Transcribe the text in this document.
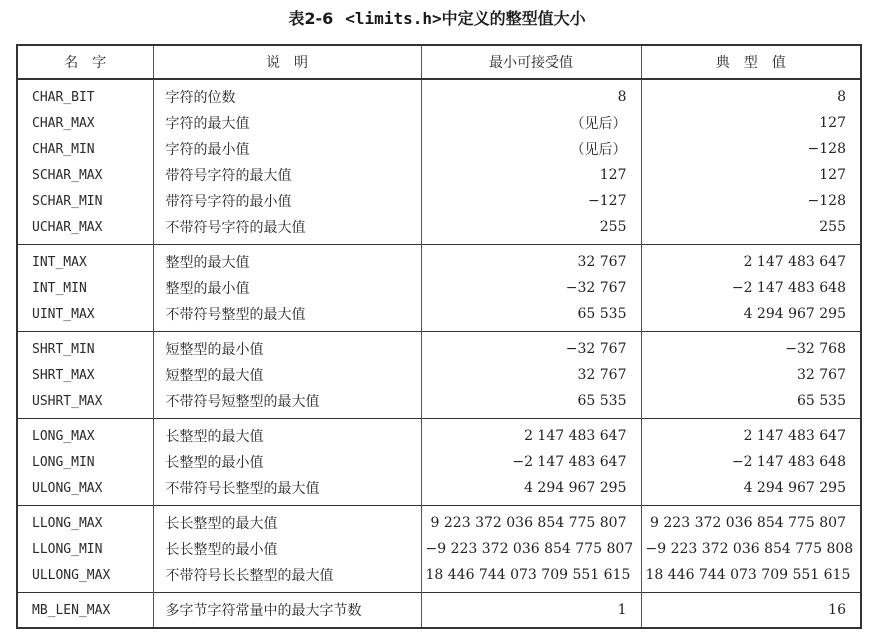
表2-6 <limits.h>中定义的整型值大小
名　字	说　明	最小可接受值	典　型　值
CHAR_BIT	字符的位数	8	8
CHAR_MAX	字符的最大值	（见后）	127
CHAR_MIN	字符的最小值	（见后）	−128
SCHAR_MAX	带符号字符的最大值	127	127
SCHAR_MIN	带符号字符的最小值	−127	−128
UCHAR_MAX	不带符号字符的最大值	255	255
INT_MAX	整型的最大值	32 767	2 147 483 647
INT_MIN	整型的最小值	−32 767	−2 147 483 648
UINT_MAX	不带符号整型的最大值	65 535	4 294 967 295
SHRT_MIN	短整型的最小值	−32 767	−32 768
SHRT_MAX	短整型的最大值	32 767	32 767
USHRT_MAX	不带符号短整型的最大值	65 535	65 535
LONG_MAX	长整型的最大值	2 147 483 647	2 147 483 647
LONG_MIN	长整型的最小值	−2 147 483 647	−2 147 483 648
ULONG_MAX	不带符号长整型的最大值	4 294 967 295	4 294 967 295
LLONG_MAX	长长整型的最大值	9 223 372 036 854 775 807	9 223 372 036 854 775 807
LLONG_MIN	长长整型的最小值	−9 223 372 036 854 775 807	−9 223 372 036 854 775 808
ULLONG_MAX	不带符号长长整型的最大值	18 446 744 073 709 551 615	18 446 744 073 709 551 615
MB_LEN_MAX	多字节字符常量中的最大字节数	1	16
